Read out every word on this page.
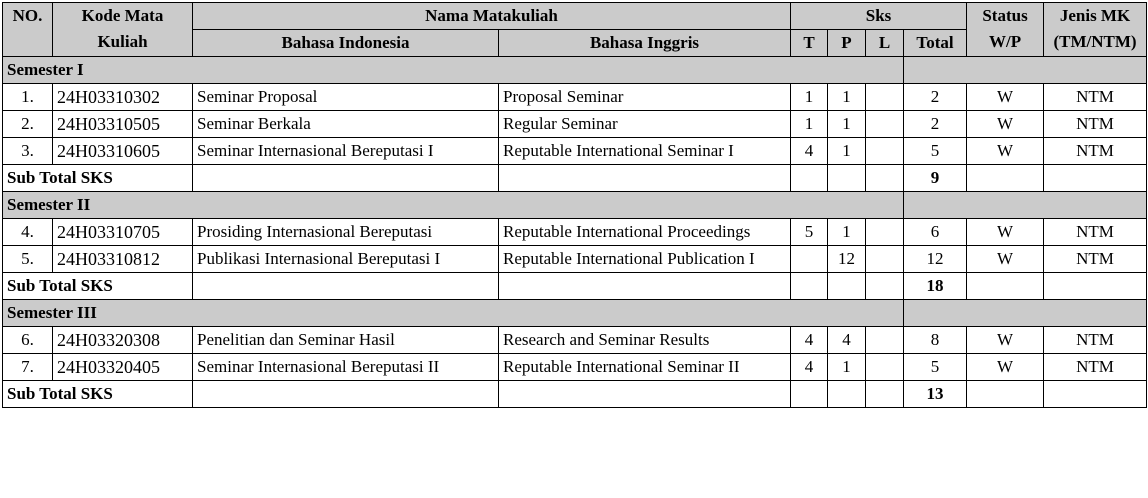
NO.	Kode Mata Kuliah	Nama Matakuliah		Sks				Status W/P	Jenis MK (TM/NTM)
		Bahasa Indonesia	Bahasa Inggris	T	P	L	Total		
Semester I									
1.	24H03310302	Seminar Proposal	Proposal Seminar	1	1		2	W	NTM
2.	24H03310505	Seminar Berkala	Regular Seminar	1	1		2	W	NTM
3.	24H03310605	Seminar Internasional Bereputasi I	Reputable International Seminar I	4	1		5	W	NTM
Sub Total SKS							9		
Semester II									
4.	24H03310705	Prosiding Internasional Bereputasi	Reputable International Proceedings	5	1		6	W	NTM
5.	24H03310812	Publikasi Internasional Bereputasi I	Reputable International Publication I		12		12	W	NTM
Sub Total SKS							18		
Semester III									
6.	24H03320308	Penelitian dan Seminar Hasil	Research and Seminar Results	4	4		8	W	NTM
7.	24H03320405	Seminar Internasional Bereputasi II	Reputable International Seminar II	4	1		5	W	NTM
Sub Total SKS							13		
